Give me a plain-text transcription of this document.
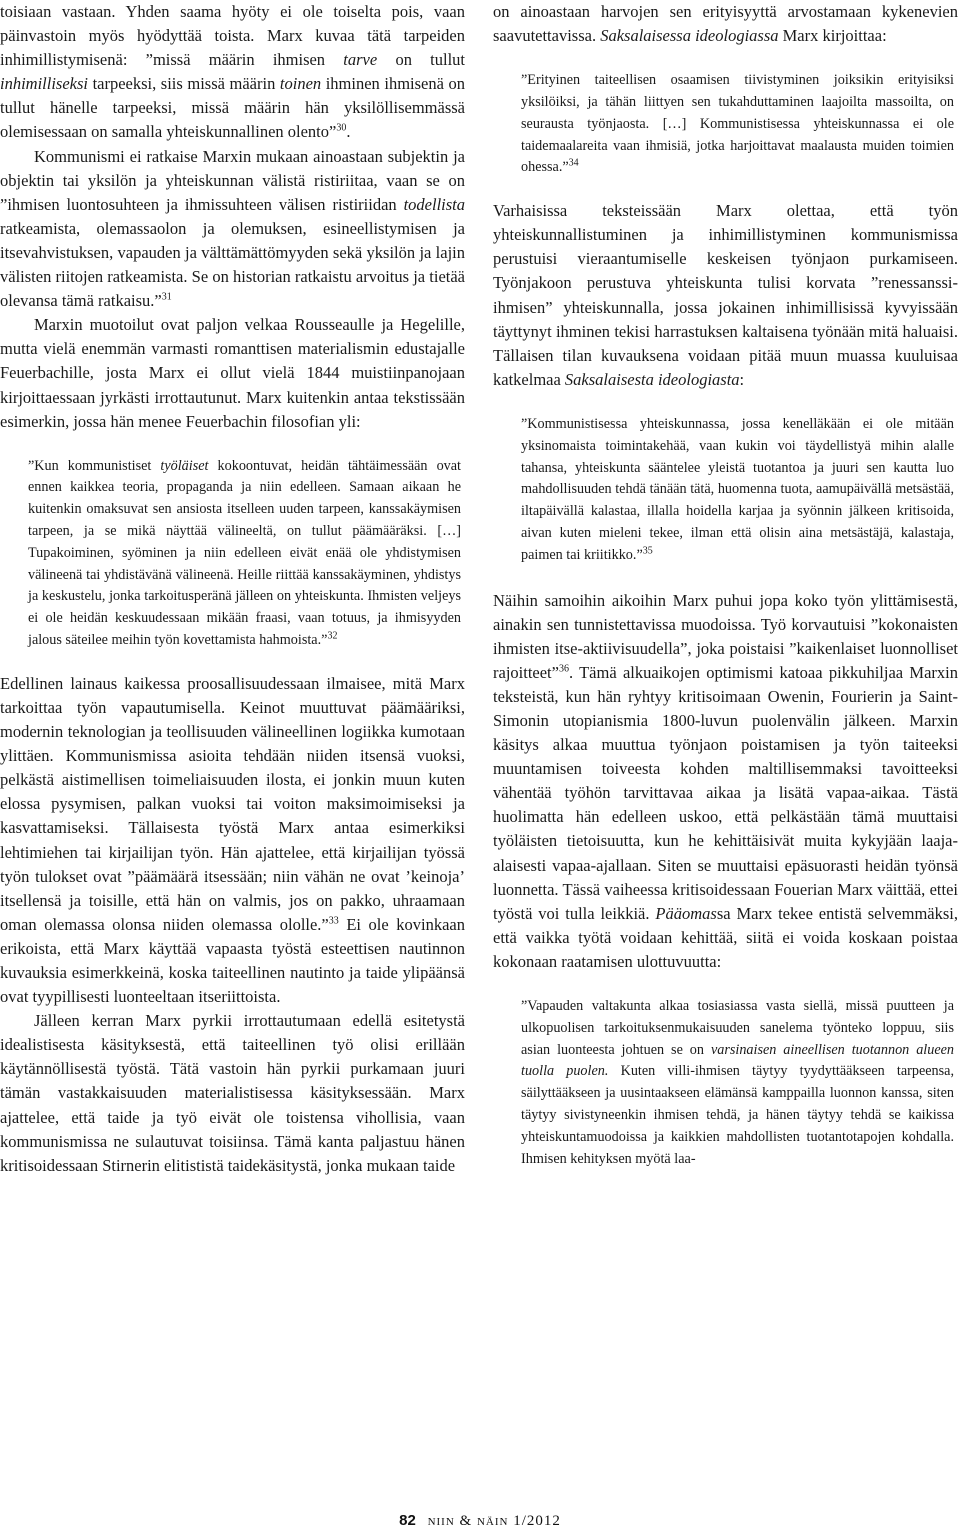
toisiaan vastaan. Yhden saama hyöty ei ole toiselta pois, vaan päinvastoin myös hyödyttää toista. Marx kuvaa tätä tarpeiden inhimillistymisenä: ”missä määrin ihmisen tarve on tullut inhimilliseksi tarpeeksi, siis missä määrin toinen ihminen ihmisenä on tullut hänelle tarpeeksi, missä määrin hän yksilöllisemmässä olemisessaan on samalla yhteiskunnallinen olento”$^{30}$.

Kommunismi ei ratkaise Marxin mukaan ainoastaan subjektin ja objektin tai yksilön ja yhteiskunnan välistä ristiriitaa, vaan se on ”ihmisen luontosuhteen ja ihmissuhteen välisen ristiriidan todellista ratkeamista, olemassaolon ja olemuksen, esineellistymisen ja itsevahvistuksen, vapauden ja välttämättömyyden sekä yksilön ja lajin välisten riitojen ratkeamista. Se on historian ratkaistu arvoitus ja tietää olevansa tämä ratkaisu.”$^{31}$

Marxin muotoilut ovat paljon velkaa Rousseaulle ja Hegelille, mutta vielä enemmän varmasti romanttisen materialismin edustajalle Feuerbachille, josta Marx ei ollut vielä 1844 muistiinpanojaan kirjoittaessaan jyrkästi irrottautunut. Marx kuitenkin antaa tekstissään esimerkin, jossa hän menee Feuerbachin filosofian yli:

”Kun kommunistiset työläiset kokoontuvat, heidän tähtäimessään ovat ennen kaikkea teoria, propaganda ja niin edelleen. Samaan aikaan he kuitenkin omaksuvat sen ansiosta itselleen uuden tarpeen, kanssakäymisen tarpeen, ja se mikä näyttää välineeltä, on tullut päämääräksi. […] Tupakoiminen, syöminen ja niin edelleen eivät enää ole yhdistymisen välineenä tai yhdistävänä välineenä. Heille riittää kanssakäyminen, yhdistys ja keskustelu, jonka tarkoitusperänä jälleen on yhteiskunta. Ihmisten veljeys ei ole heidän keskuudessaan mikään fraasi, vaan totuus, ja ihmisyyden jalous säteilee meihin työn kovettamista hahmoista.”$^{32}$

Edellinen lainaus kaikessa proosallisuudessaan ilmaisee, mitä Marx tarkoittaa työn vapautumisella. Keinot muuttuvat päämääriksi, modernin teknologian ja teollisuuden välineellinen logiikka kumotaan ylittäen. Kommunismissa asioita tehdään niiden itsensä vuoksi, pelkästä aistimellisen toimeliaisuuden ilosta, ei jonkin muun kuten elossa pysymisen, palkan vuoksi tai voiton maksimoimiseksi ja kasvattamiseksi. Tällaisesta työstä Marx antaa esimerkiksi lehtimiehen tai kirjailijan työn. Hän ajattelee, että kirjailijan työssä työn tulokset ovat ”päämäärä itsessään; niin vähän ne ovat ’keinoja’ itsellensä ja toisille, että hän on valmis, jos on pakko, uhraamaan oman olemassa olonsa niiden olemassa ololle.”$^{33}$ Ei ole kovinkaan erikoista, että Marx käyttää vapaasta työstä esteettisen nautinnon kuvauksia esimerkkeinä, koska taiteellinen nautinto ja taide ylipäänsä ovat tyypillisesti luonteeltaan itseriittoista.

Jälleen kerran Marx pyrkii irrottautumaan edellä esitetystä idealistisesta käsityksestä, että taiteellinen työ olisi erillään käytännöllisestä työstä. Tätä vastoin hän pyrkii purkamaan juuri tämän vastakkaisuuden materialistisessa käsityksessään. Marx ajattelee, että taide ja työ eivät ole toistensa vihollisia, vaan kommunismissa ne sulautuvat toisiinsa. Tämä kanta paljastuu hänen kritisoidessaan Stirnerin elitististä taidekäsitystä, jonka mukaan taide

on ainoastaan harvojen sen erityisyyttä arvostamaan kykenevien saavutettavissa. Saksalaisessa ideologiassa Marx kirjoittaa:

”Erityinen taiteellisen osaamisen tiivistyminen joiksikin erityisiksi yksilöiksi, ja tähän liittyen sen tukahduttaminen laajoilta massoilta, on seurausta työnjaosta. […] Kommunistisessa yhteiskunnassa ei ole taidemaalareita vaan ihmisiä, jotka harjoittavat maalausta muiden toimien ohessa.”$^{34}$

Varhaisissa teksteissään Marx olettaa, että työn yhteiskunnallistuminen ja inhimillistyminen kommunismissa perustuisi vieraantumiselle keskeisen työnjaon purkamiseen. Työnjakoon perustuva yhteiskunta tulisi korvata ”renessanssi-ihmisen” yhteiskunnalla, jossa jokainen inhimillisissä kyvyissään täyttynyt ihminen tekisi harrastuksen kaltaisena työnään mitä haluaisi. Tällaisen tilan kuvauksena voidaan pitää muun muassa kuuluisaa katkelmaa Saksalaisesta ideologiasta:

”Kommunistisessa yhteiskunnassa, jossa kenelläkään ei ole mitään yksinomaista toimintakehää, vaan kukin voi täydellistyä mihin alalle tahansa, yhteiskunta sääntelee yleistä tuotantoa ja juuri sen kautta luo mahdollisuuden tehdä tänään tätä, huomenna tuota, aamupäivällä metsästää, iltapäivällä kalastaa, illalla hoidella karjaa ja syönnin jälkeen kritisoida, aivan kuten mieleni tekee, ilman että olisin aina metsästäjä, kalastaja, paimen tai kriitikko.”$^{35}$

Näihin samoihin aikoihin Marx puhui jopa koko työn ylittämisestä, ainakin sen tunnistettavissa muodoissa. Työ korvautuisi ”kokonaisten ihmisten itse-aktiivisuudella”, joka poistaisi ”kaikenlaiset luonnolliset rajoitteet”$^{36}$. Tämä alkuaikojen optimismi katoaa pikkuhiljaa Marxin teksteistä, kun hän ryhtyy kritisoimaan Owenin, Fourierin ja Saint-Simonin utopianismia 1800-luvun puolenvälin jälkeen. Marxin käsitys alkaa muuttua työnjaon poistamisen ja työn taiteeksi muuntamisen toiveesta kohden maltillisemmaksi tavoitteeksi vähentää työhön tarvittavaa aikaa ja lisätä vapaa-aikaa. Tästä huolimatta hän edelleen uskoo, että pelkästään tämä muuttaisi työläisten tietoisuutta, kun he kehittäisivät muita kykyjään laaja-alaisesti vapaa-ajallaan. Siten se muuttaisi epäsuorasti heidän työnsä luonnetta. Tässä vaiheessa kritisoidessaan Fouerian Marx väittää, ettei työstä voi tulla leikkiä. Pääomassa Marx tekee entistä selvemmäksi, että vaikka työtä voidaan kehittää, siitä ei voida koskaan poistaa kokonaan raatamisen ulottuvuutta:

”Vapauden valtakunta alkaa tosiasiassa vasta siellä, missä puutteen ja ulkopuolisen tarkoituksenmukaisuuden sanelema työnteko loppuu, siis asian luonteesta johtuen se on varsinaisen aineellisen tuotannon alueen tuolla puolen. Kuten villi-ihmisen täytyy tyydyttääkseen tarpeensa, säilyttääkseen ja uusintaakseen elämänsä kamppailla luonnon kanssa, siten täytyy sivistyneenkin ihmisen tehdä, ja hänen täytyy tehdä se kaikissa yhteiskuntamuodoissa ja kaikkien mahdollisten tuotantotapojen kohdalla. Ihmisen kehityksen myötä laa-

82 niin & näin 1/2012
